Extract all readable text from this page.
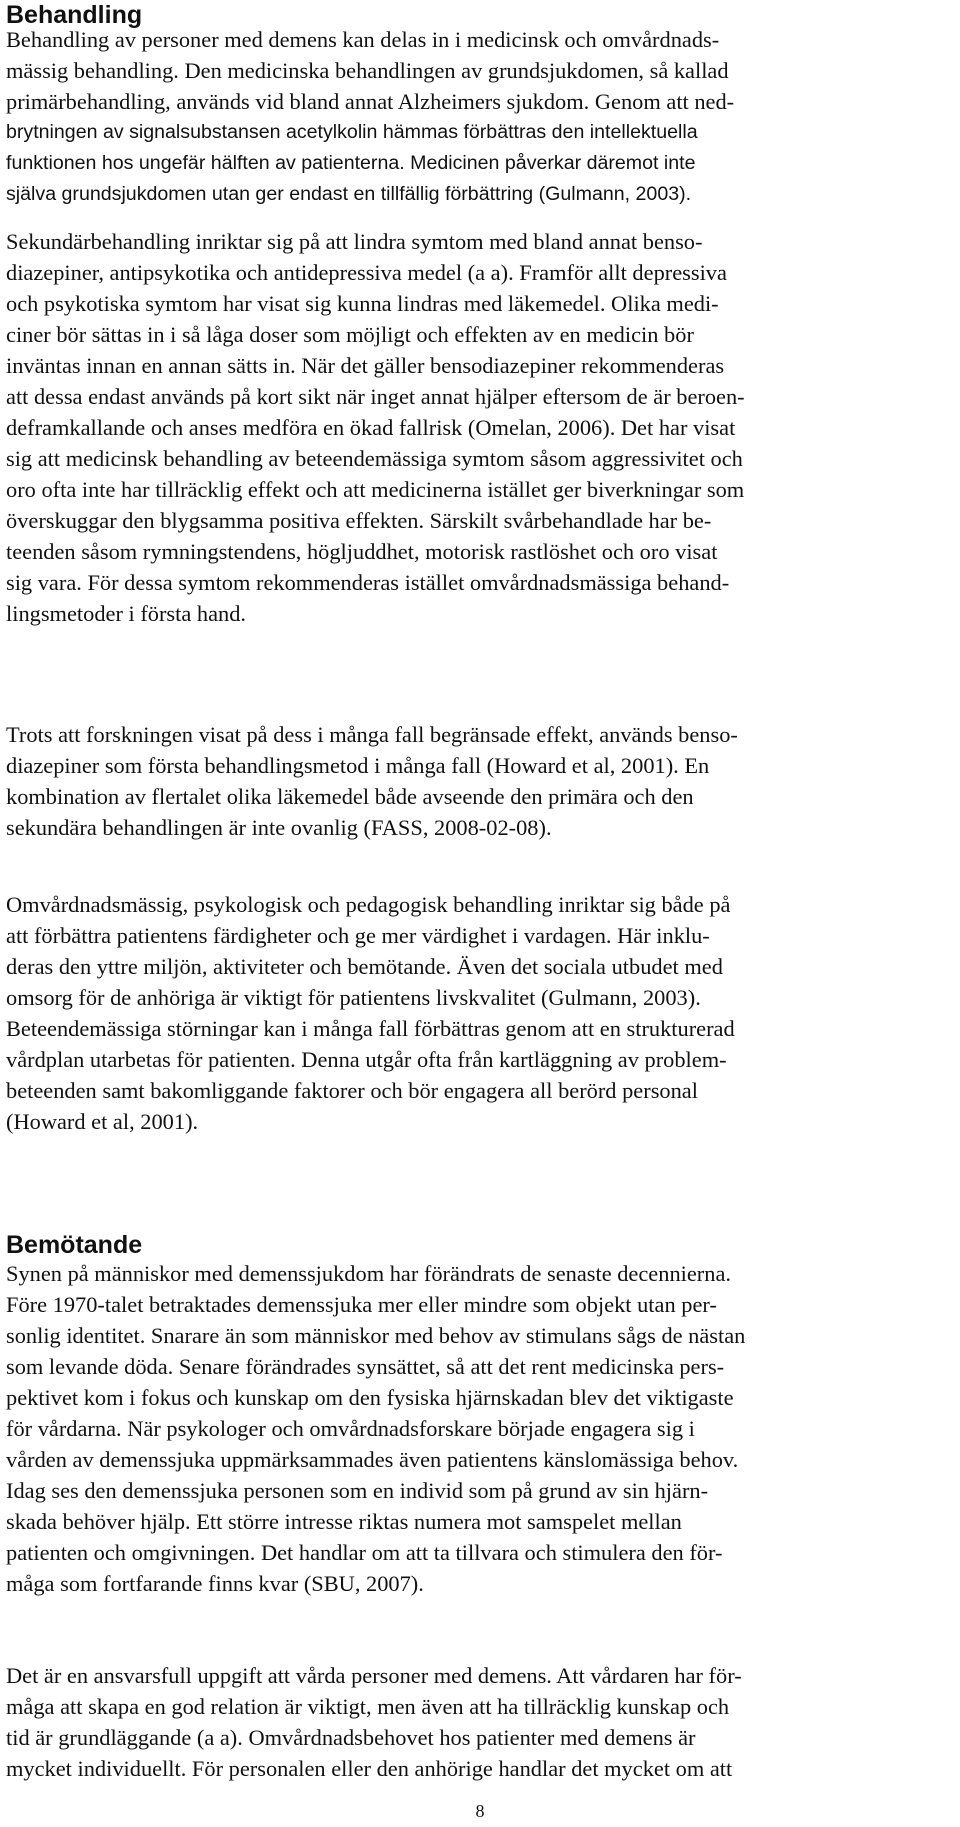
Behandling
Behandling av personer med demens kan delas in i medicinsk och omvårdnads-
mässig behandling. Den medicinska behandlingen av grundsjukdomen, så kallad
primärbehandling, används vid bland annat Alzheimers sjukdom. Genom att ned-
brytningen av signalsubstansen acetylkolin hämmas förbättras den intellektuella
funktionen hos ungefär hälften av patienterna. Medicinen påverkar däremot inte
själva grundsjukdomen utan ger endast en tillfällig förbättring (Gulmann, 2003).
Sekundärbehandling inriktar sig på att lindra symtom med bland annat benso-
diazepiner, antipsykotika och antidepressiva medel (a a). Framför allt depressiva
och psykotiska symtom har visat sig kunna lindras med läkemedel. Olika medi-
ciner bör sättas in i så låga doser som möjligt och effekten av en medicin bör
inväntas innan en annan sätts in. När det gäller bensodiazepiner rekommenderas
att dessa endast används på kort sikt när inget annat hjälper eftersom de är beroen-
deframkallande och anses medföra en ökad fallrisk (Omelan, 2006). Det har visat
sig att medicinsk behandling av beteendemässiga symtom såsom aggressivitet och
oro ofta inte har tillräcklig effekt och att medicinerna istället ger biverkningar som
överskuggar den blygsamma positiva effekten. Särskilt svårbehandlade har be-
teenden såsom rymningstendens, högljuddhet, motorisk rastlöshet och oro visat
sig vara. För dessa symtom rekommenderas istället omvårdnadsmässiga behand-
lingsmetoder i första hand.
Trots att forskningen visat på dess i många fall begränsade effekt, används benso-
diazepiner som första behandlingsmetod i många fall (Howard et al, 2001). En
kombination av flertalet olika läkemedel både avseende den primära och den
sekundära behandlingen är inte ovanlig (FASS, 2008-02-08).
Omvårdnadsmässig, psykologisk och pedagogisk behandling inriktar sig både på
att förbättra patientens färdigheter och ge mer värdighet i vardagen. Här inklu-
deras den yttre miljön, aktiviteter och bemötande. Även det sociala utbudet med
omsorg för de anhöriga är viktigt för patientens livskvalitet (Gulmann, 2003).
Beteendemässiga störningar kan i många fall förbättras genom att en strukturerad
vårdplan utarbetas för patienten. Denna utgår ofta från kartläggning av problem-
beteenden samt bakomliggande faktorer och bör engagera all berörd personal
(Howard et al, 2001).
Bemötande
Synen på människor med demenssjukdom har förändrats de senaste decennierna.
Före 1970-talet betraktades demenssjuka mer eller mindre som objekt utan per-
sonlig identitet. Snarare än som människor med behov av stimulans sågs de nästan
som levande döda. Senare förändrades synsättet, så att det rent medicinska pers-
pektivet kom i fokus och kunskap om den fysiska hjärnskadan blev det viktigaste
för vårdarna. När psykologer och omvårdnadsforskare började engagera sig i
vården av demenssjuka uppmärksammades även patientens känslomässiga behov.
Idag ses den demenssjuka personen som en individ som på grund av sin hjärn-
skada behöver hjälp. Ett större intresse riktas numera mot samspelet mellan
patienten och omgivningen. Det handlar om att ta tillvara och stimulera den för-
måga som fortfarande finns kvar (SBU, 2007).
Det är en ansvarsfull uppgift att vårda personer med demens. Att vårdaren har för-
måga att skapa en god relation är viktigt, men även att ha tillräcklig kunskap och
tid är grundläggande (a a). Omvårdnadsbehovet hos patienter med demens är
mycket individuellt. För personalen eller den anhörige handlar det mycket om att
8
